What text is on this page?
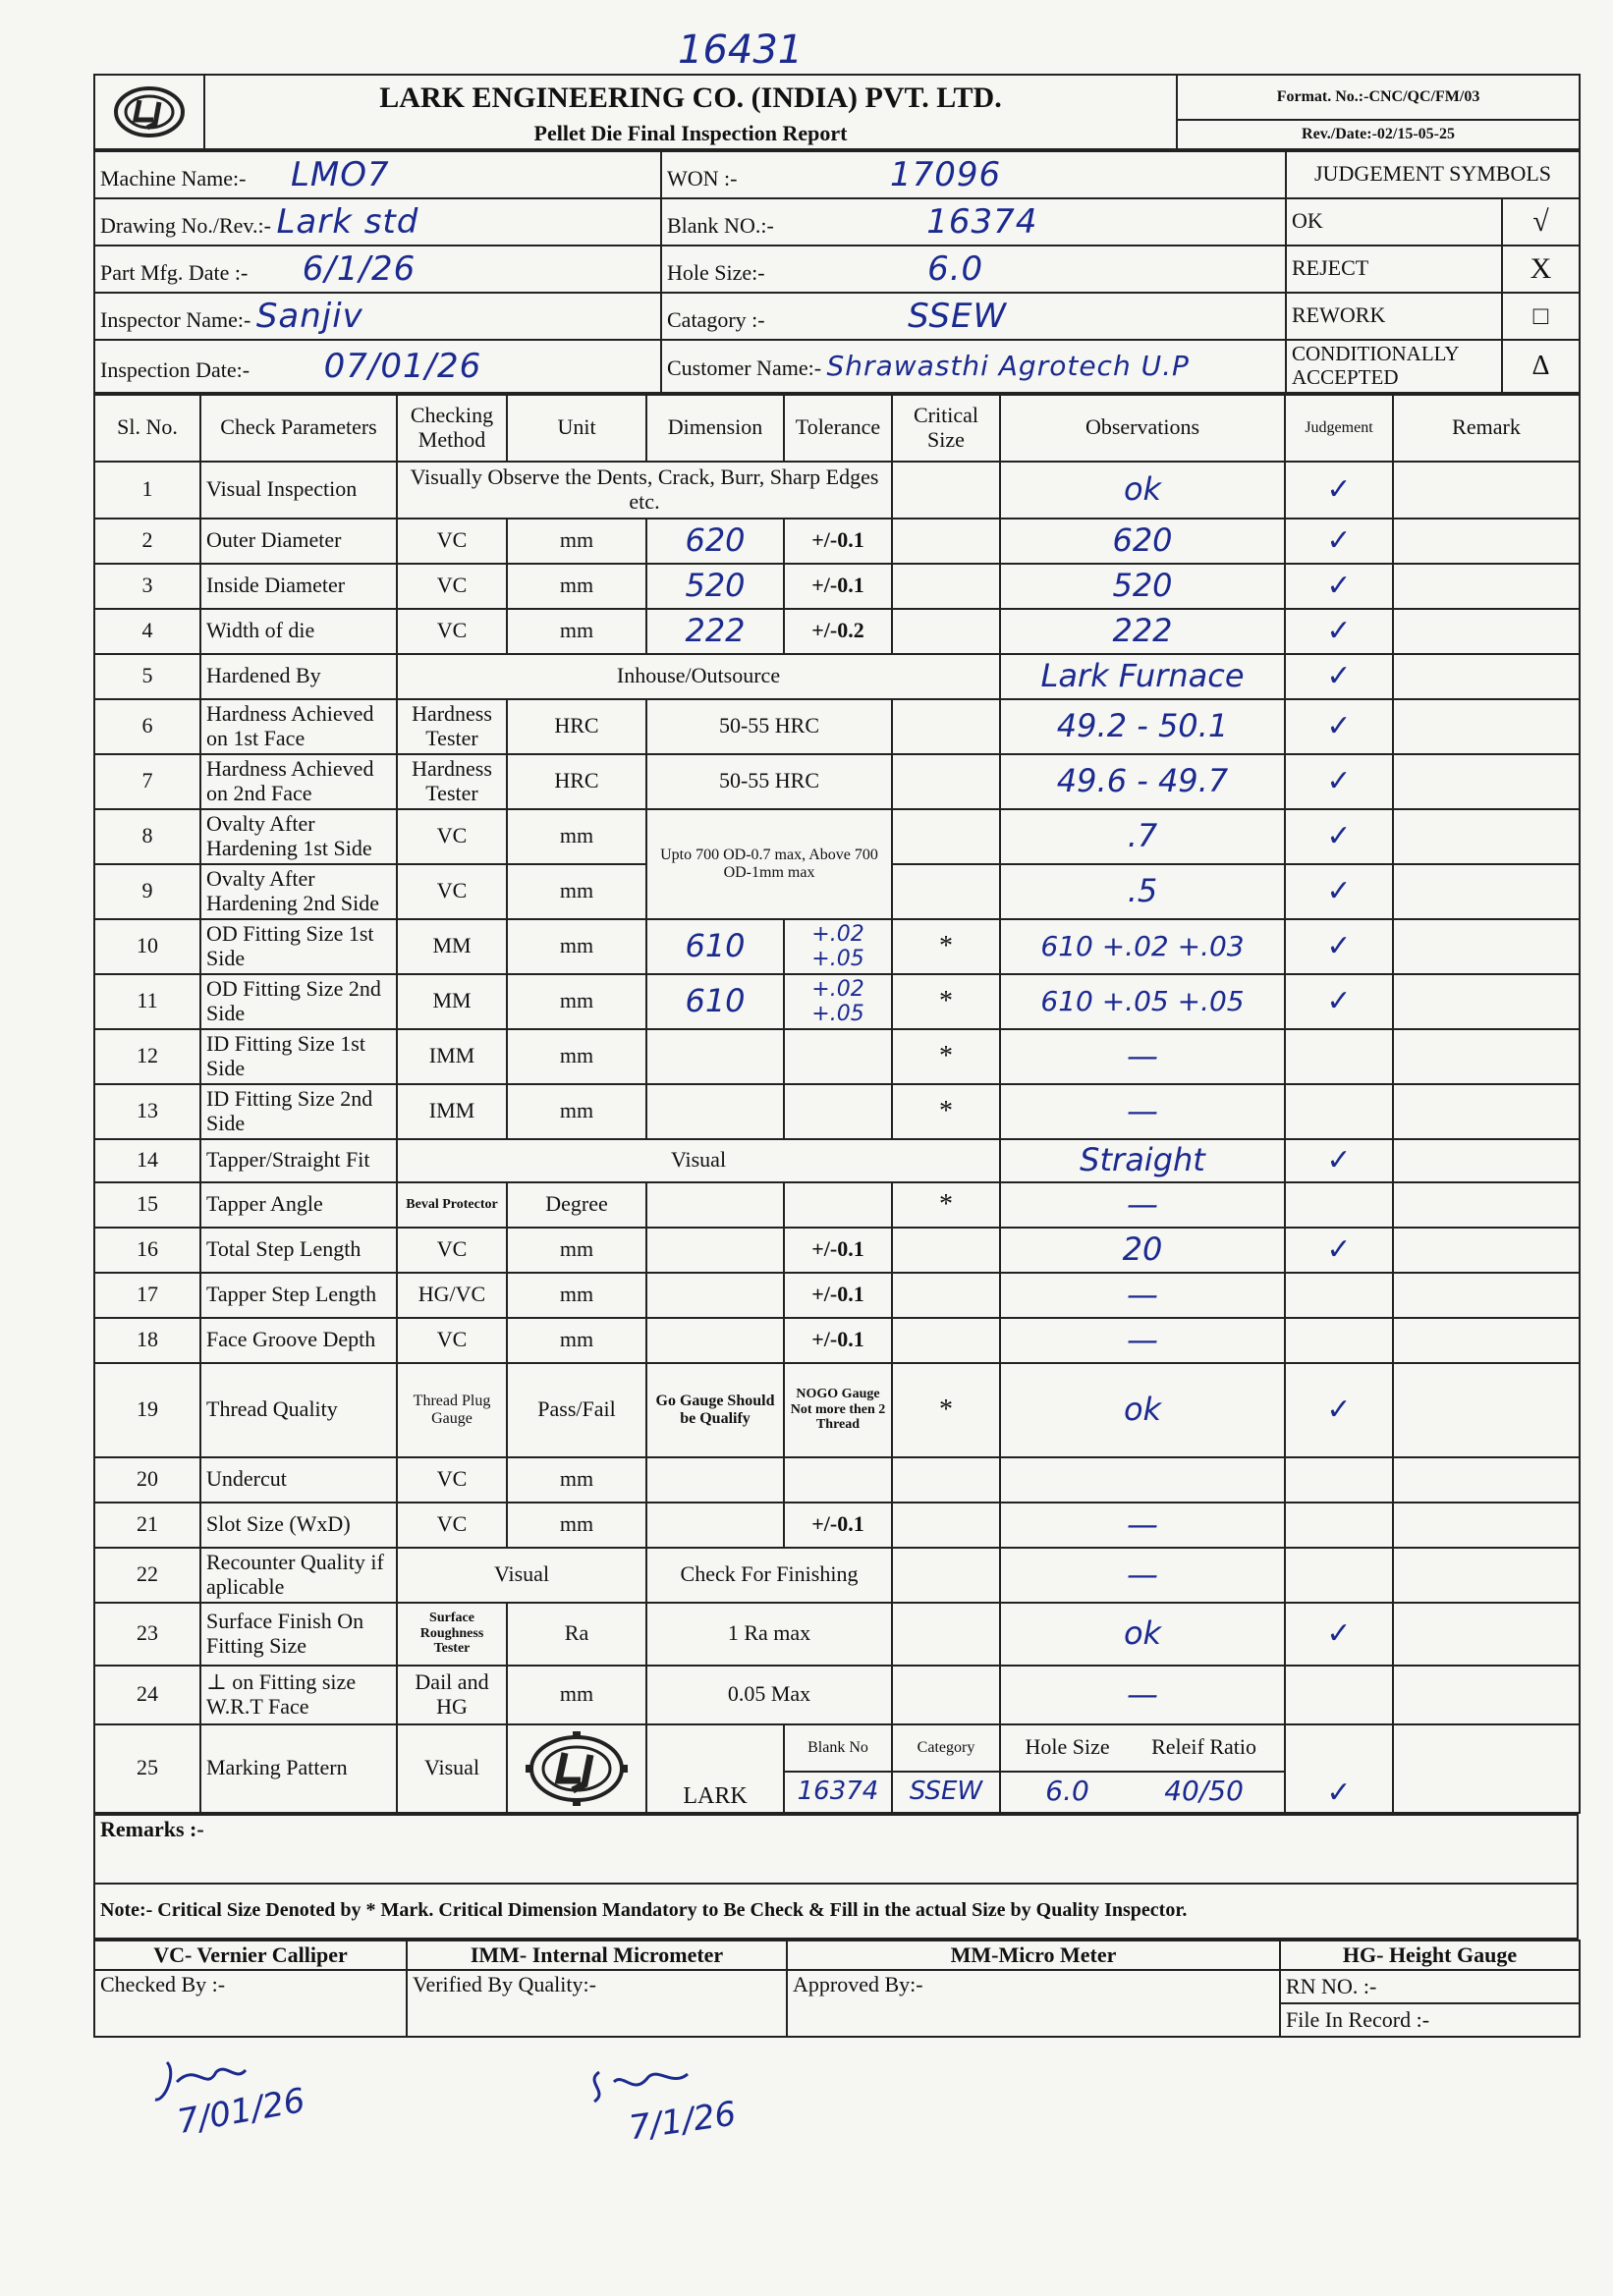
16431
	LARK ENGINEERING CO. (INDIA) PVT. LTD.	Format. No.:-CNC/QC/FM/03
	Pellet Die Final Inspection Report	Rev./Date:-02/15-05-25
Machine Name:- LMO7	WON :- 17096	JUDGEMENT SYMBOLS	
Drawing No./Rev.:- Lark std	Blank NO.:- 16374	OK	√
Part Mfg. Date :- 6/1/26	Hole Size:- 6.0	REJECT	X
Inspector Name:- Sanjiv	Catagory :- SSEW	REWORK	□
Inspection Date:- 07/01/26	Customer Name:- Shrawasthi Agrotech U.P	CONDITIONALLY ACCEPTED	Δ
Sl. No.	Check Parameters	Checking Method	Unit	Dimension	Tolerance	Critical Size	Observations	Judgement	Remark
1	Visual Inspection	Visually Observe the Dents, Crack, Burr, Sharp Edges etc.					ok	✓	

2	Outer Diameter	VC	mm	620	+/-0.1		620	✓	

3	Inside Diameter	VC	mm	520	+/-0.1		520	✓	

4	Width of die	VC	mm	222	+/-0.2		222	✓	

5	Hardened By	Inhouse/Outsource					Lark Furnace	✓	

6	Hardness Achieved on 1st Face	Hardness Tester	HRC	50-55 HRC			49.2 - 50.1	✓	

7	Hardness Achieved on 2nd Face	Hardness Tester	HRC	50-55 HRC			49.6 - 49.7	✓	

8	Ovalty After Hardening 1st Side	VC	mm	Upto 700 OD-0.7 max, Above 700 OD-1mm max			.7	✓	

9	Ovalty After Hardening 2nd Side	VC	mm				.5	✓	

10	OD Fitting Size 1st Side	MM	mm	610	+.02 +.05	*	610 +.02 +.03	✓	

11	OD Fitting Size 2nd Side	MM	mm	610	+.02 +.05	*	610 +.05 +.05	✓	

12	ID Fitting Size 1st Side	IMM	mm			*	—		

13	ID Fitting Size 2nd Side	IMM	mm			*	—		

14	Tapper/Straight Fit	Visual					Straight	✓	

15	Tapper Angle	Beval Protector	Degree			*	—		

16	Total Step Length	VC	mm		+/-0.1		20	✓	

17	Tapper Step Length	HG/VC	mm		+/-0.1		—		

18	Face Groove Depth	VC	mm		+/-0.1		—		

19	Thread Quality	Thread Plug Gauge	Pass/Fail	Go Gauge Should be Qualify	NOGO Gauge Not more then 2 Thread	*	ok	✓	

20	Undercut	VC	mm				

21	Slot Size (WxD)	VC	mm		+/-0.1		—		

22	Recounter Quality if aplicable	Visual		Check For Finishing			—		

23	Surface Finish On Fitting Size	Surface Roughness Tester	Ra	1 Ra max			ok	✓	

24	⊥ on Fitting size W.R.T Face	Dail and HG	mm	0.05 Max			—		

25	Marking Pattern	Visual		LARK	Blank No	Category	Hole Size Releif Ratio	✓	

					16374	SSEW	6.0 40/50		
Remarks :-
Note:- Critical Size Denoted by * Mark. Critical Dimension Mandatory to Be Check & Fill in the actual Size by Quality Inspector.
VC- Vernier Calliper	IMM- Internal Micrometer	MM-Micro Meter	HG- Height Gauge
Checked By :-	Verified By Quality:-	Approved By:-	RN NO. :-
			File In Record :-
7/01/26	7/1/26
